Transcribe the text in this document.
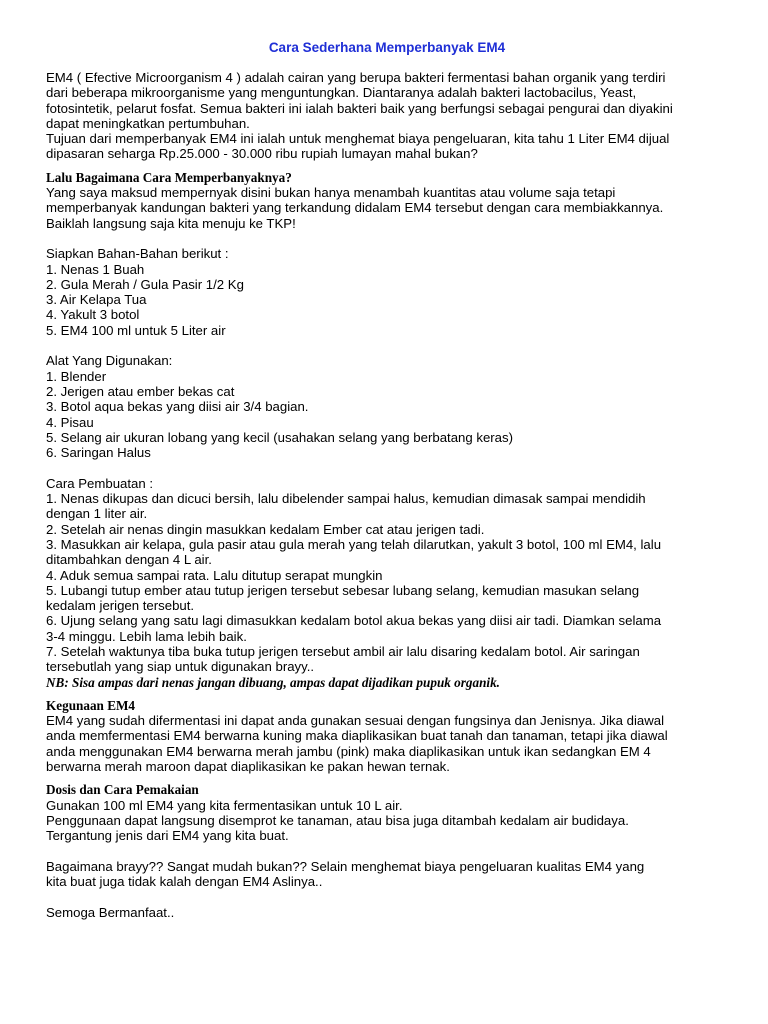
Cara Sederhana Memperbanyak EM4
EM4 ( Efective Microorganism 4 ) adalah cairan yang berupa bakteri fermentasi bahan organik yang terdiri
dari beberapa mikroorganisme yang menguntungkan. Diantaranya adalah bakteri lactobacilus, Yeast,
fotosintetik, pelarut fosfat. Semua bakteri ini ialah bakteri baik yang berfungsi sebagai pengurai dan diyakini
dapat meningkatkan pertumbuhan.
Tujuan dari memperbanyak EM4 ini ialah untuk menghemat biaya pengeluaran, kita tahu 1 Liter EM4 dijual
dipasaran seharga Rp.25.000 - 30.000 ribu rupiah lumayan mahal bukan?
Lalu Bagaimana Cara Memperbanyaknya?
Yang saya maksud mempernyak disini bukan hanya menambah kuantitas atau volume saja tetapi
memperbanyak kandungan bakteri yang terkandung didalam EM4 tersebut dengan cara membiakkannya.
Baiklah langsung saja kita menuju ke TKP!
Siapkan Bahan-Bahan berikut :
1. Nenas 1 Buah
2. Gula Merah / Gula Pasir 1/2 Kg
3. Air Kelapa Tua
4. Yakult 3 botol
5. EM4 100 ml untuk 5 Liter air
Alat Yang Digunakan:
1. Blender
2. Jerigen atau ember bekas cat
3. Botol aqua bekas yang diisi air 3/4 bagian.
4. Pisau
5. Selang air ukuran lobang yang kecil (usahakan selang yang berbatang keras)
6. Saringan Halus
Cara Pembuatan :
1. Nenas dikupas dan dicuci bersih, lalu dibelender sampai halus, kemudian dimasak sampai mendidih
dengan 1 liter air.
2. Setelah air nenas dingin masukkan kedalam Ember cat atau jerigen tadi.
3. Masukkan air kelapa, gula pasir atau gula merah yang telah dilarutkan, yakult 3 botol, 100 ml EM4, lalu
ditambahkan dengan 4 L air.
4. Aduk semua sampai rata. Lalu ditutup serapat mungkin
5. Lubangi tutup ember atau tutup jerigen tersebut sebesar lubang selang, kemudian masukan selang
kedalam jerigen tersebut.
6. Ujung selang yang satu lagi dimasukkan kedalam botol akua bekas yang diisi air tadi. Diamkan selama
3-4 minggu. Lebih lama lebih baik.
7. Setelah waktunya tiba buka tutup jerigen tersebut ambil air lalu disaring kedalam botol. Air saringan
tersebutlah yang siap untuk digunakan brayy..
NB: Sisa ampas dari nenas jangan dibuang, ampas dapat dijadikan pupuk organik.
Kegunaan EM4
EM4 yang sudah difermentasi ini dapat anda gunakan sesuai dengan fungsinya dan Jenisnya. Jika diawal
anda memfermentasi EM4 berwarna kuning maka diaplikasikan buat tanah dan tanaman, tetapi jika diawal
anda menggunakan EM4 berwarna merah jambu (pink) maka diaplikasikan untuk ikan sedangkan EM 4
berwarna merah maroon dapat diaplikasikan ke pakan hewan ternak.
Dosis dan Cara Pemakaian
Gunakan 100 ml EM4 yang kita fermentasikan untuk 10 L air.
Penggunaan dapat langsung disemprot ke tanaman, atau bisa juga ditambah kedalam air budidaya.
Tergantung jenis dari EM4 yang kita buat.
Bagaimana brayy?? Sangat mudah bukan?? Selain menghemat biaya pengeluaran kualitas EM4 yang
kita buat juga tidak kalah dengan EM4 Aslinya..
Semoga Bermanfaat..
